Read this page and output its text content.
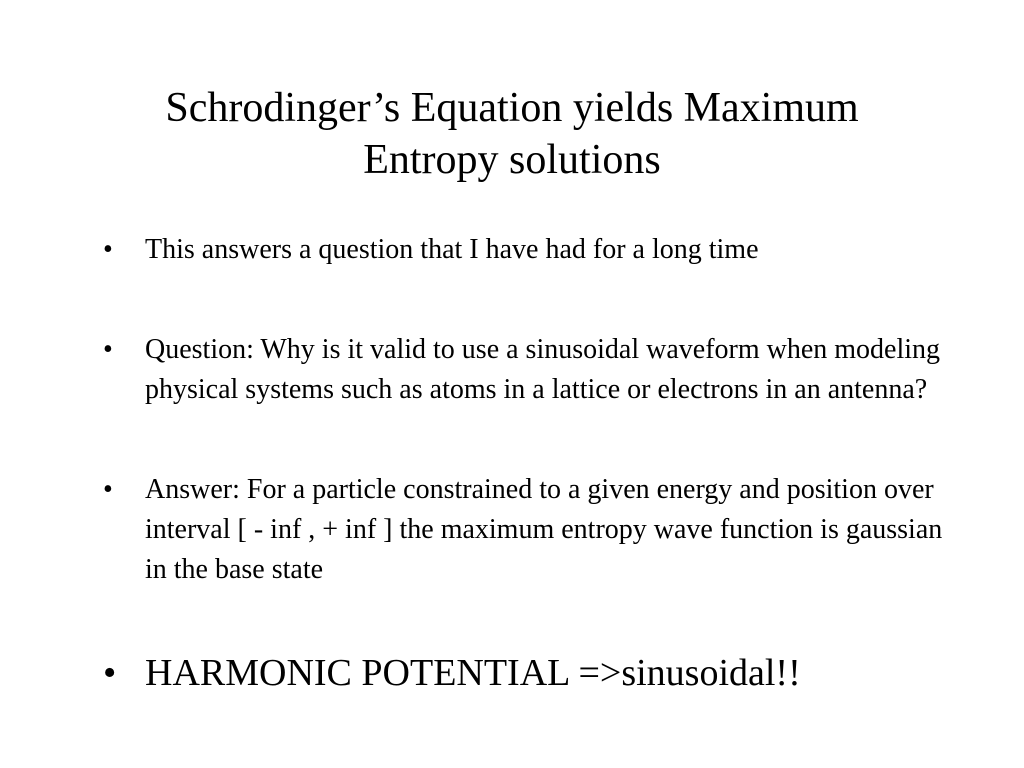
Schrodinger’s Equation yields Maximum
Entropy solutions
• This answers a question that I have had for a long time
• Question: Why is it valid to use a sinusoidal waveform when modeling physical systems such as atoms in a lattice or electrons in an antenna?
• Answer: For a particle constrained to a given energy and position over interval [ - inf , + inf ] the maximum entropy wave function is gaussian in the base state
• HARMONIC POTENTIAL =>sinusoidal!!
